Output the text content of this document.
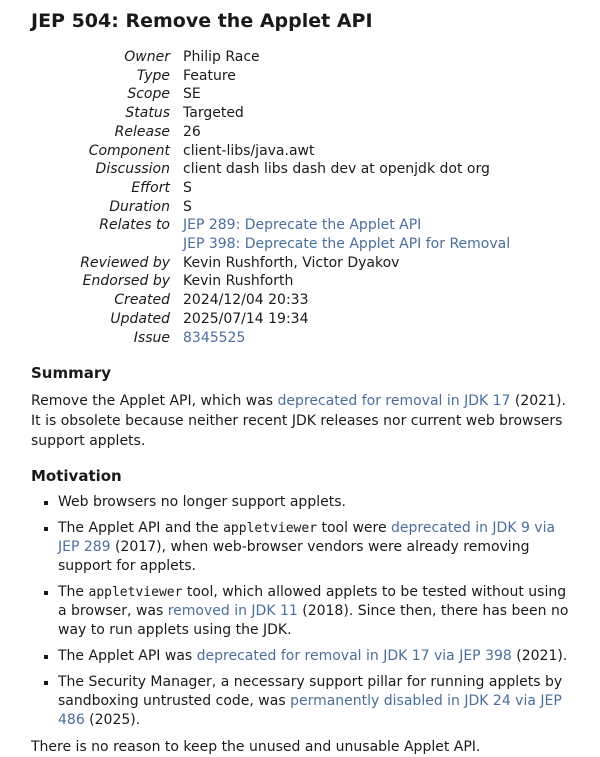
JEP 504: Remove the Applet API
Owner	Philip Race
Type	Feature
Scope	SE
Status	Targeted
Release	26
Component	client-libs/java.awt
Discussion	client dash libs dash dev at openjdk dot org
Effort	S
Duration	S
Relates to	JEP 289: Deprecate the Applet API
JEP 398: Deprecate the Applet API for Removal
Reviewed by	Kevin Rushforth, Victor Dyakov
Endorsed by	Kevin Rushforth
Created	2024/12/04 20:33
Updated	2025/07/14 19:34
Issue	8345525
Summary

Remove the Applet API, which was deprecated for removal in JDK 17 (2021). It is obsolete because neither recent JDK releases nor current web browsers support applets.

Motivation
Web browsers no longer support applets.
The Applet API and the appletviewer tool were deprecated in JDK 9 via JEP 289 (2017), when web-browser vendors were already removing support for applets.
The appletviewer tool, which allowed applets to be tested without using a browser, was removed in JDK 11 (2018). Since then, there has been no way to run applets using the JDK.
The Applet API was deprecated for removal in JDK 17 via JEP 398 (2021).
The Security Manager, a necessary support pillar for running applets by sandboxing untrusted code, was permanently disabled in JDK 24 via JEP 486 (2025).

There is no reason to keep the unused and unusable Applet API.
